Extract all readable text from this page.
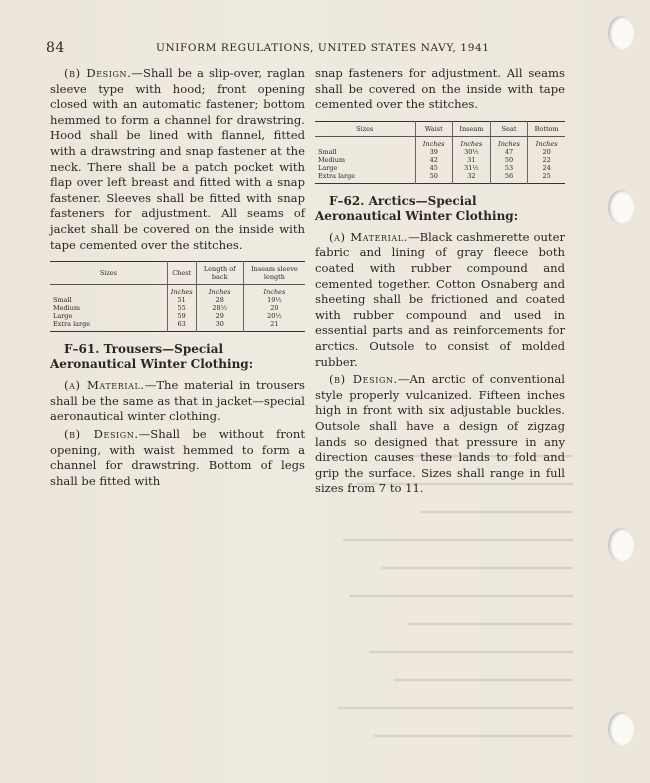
84	UNIFORM REGULATIONS, UNITED STATES NAVY, 1941

(b) Design.—Shall be a slip-over, raglan sleeve type with hood; front opening closed with an automatic fastener; bottom hemmed to form a channel for drawstring. Hood shall be lined with flannel, fitted with a drawstring and snap fastener at the neck. There shall be a patch pocket with flap over left breast and fitted with a snap fastener. Sleeves shall be fitted with snap fasteners for adjustment. All seams of jacket shall be covered on the inside with tape cemented over the stitches.

Sizes	Chest	Length of back	Inseam sleeve length
	Inches	Inches	Inches
Small	51	28	19½
Medium	55	28½	20
Large	59	29	20½
Extra large	63	30	21
F–61. Trousers—Special Aeronautical Winter Clothing:

(a) Material.—The material in trousers shall be the same as that in jacket—special aeronautical winter clothing.

(b) Design.—Shall be without front opening, with waist hemmed to form a channel for drawstring. Bottom of legs shall be fitted with

snap fasteners for adjustment. All seams shall be covered on the inside with tape cemented over the stitches.

Sizes	Waist	Inseam	Seat	Bottom
	Inches	Inches	Inches	Inches
Small	39	30½	47	20
Medium	42	31	50	22
Large	45	31½	53	24
Extra large	50	32	56	25
F–62. Arctics—Special Aeronautical Winter Clothing:

(a) Material.—Black cashmerette outer fabric and lining of gray fleece both coated with rubber compound and cemented together. Cotton Osnaberg and sheeting shall be frictioned and coated with rubber compound and used in essential parts and as reinforcements for arctics. Outsole to consist of molded rubber.

(b) Design.—An arctic of conventional style properly vulcanized. Fifteen inches high in front with six adjustable buckles. Outsole shall have a design of zigzag lands so designed that pressure in any direction causes these lands to fold and grip the surface. Sizes shall range in full sizes from 7 to 11.
